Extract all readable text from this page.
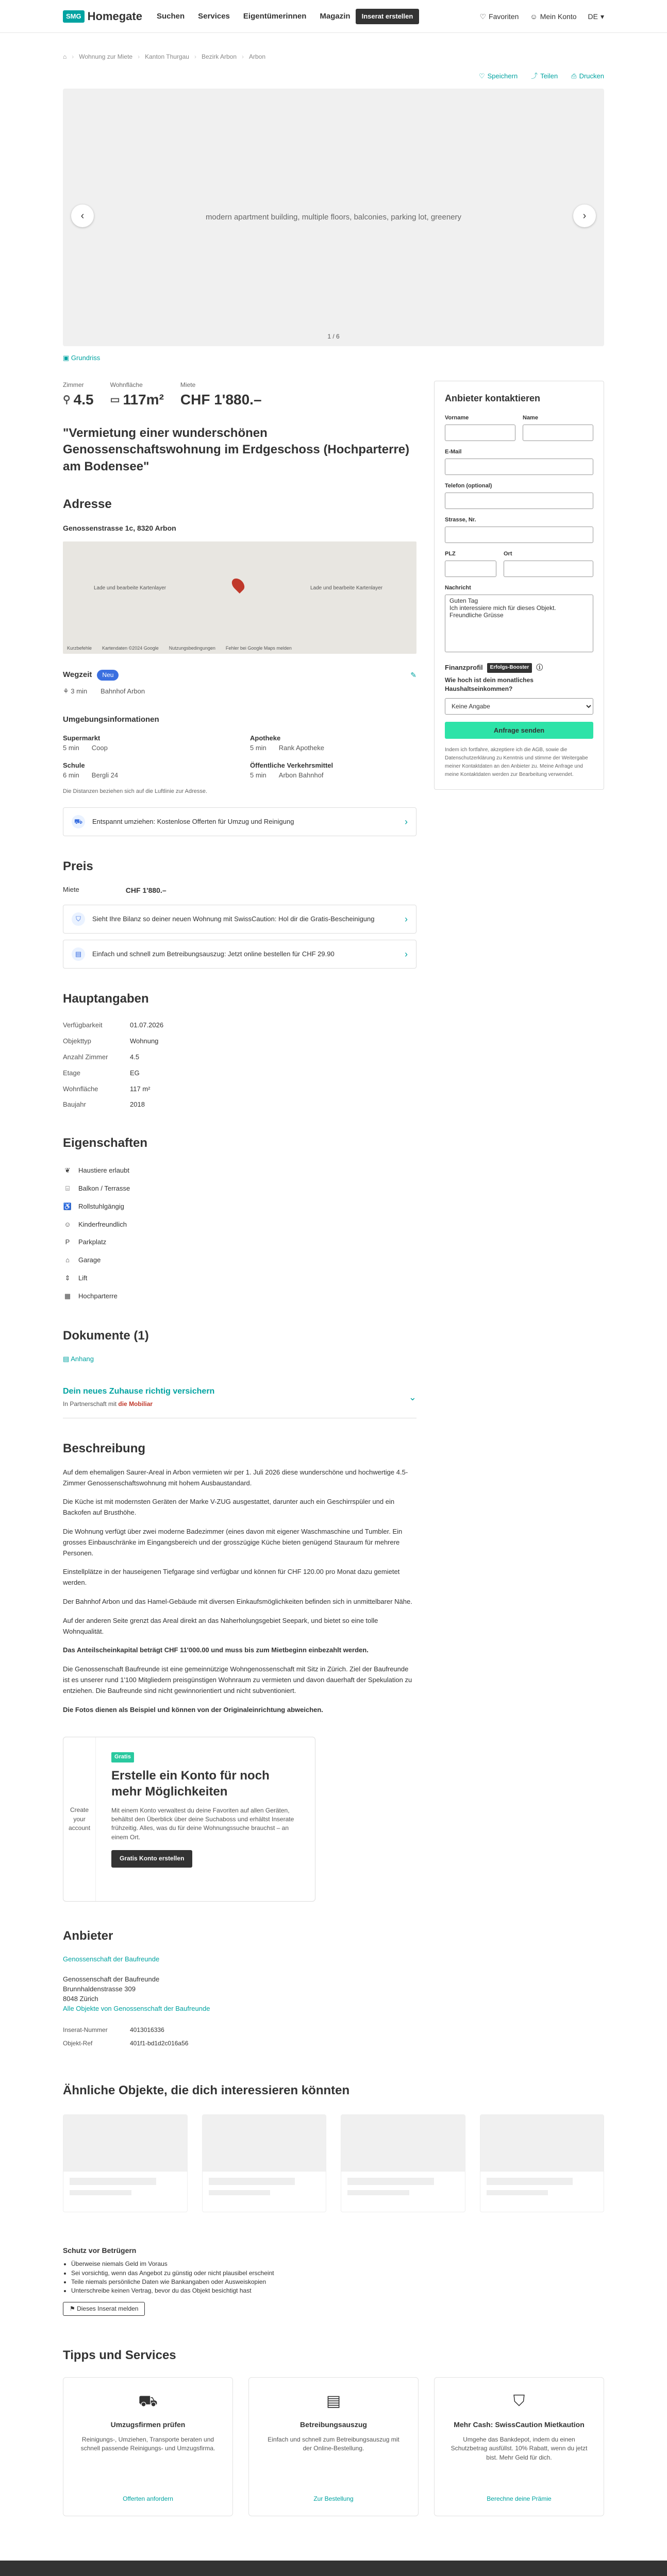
SMG Homegate Suchen Services Eigentümerinnen Magazin	Inserat erstellen	♡ Favoriten ☺ Mein Konto DE ▾
⌂ › Wohnung zur Miete › Kanton Thurgau › Bezirk Arbon › Arbon
♡ Speichern ⤴ Teilen ⎙ Drucken
modern apartment building, multiple floors, balconies, parking lot, greenery
‹	›
1 / 6
▣ Grundriss
Zimmer
⚲ 4.5
Wohnfläche
▭ 117m²
Miete
CHF 1'880.–
"Vermietung einer wunderschönen Genossenschaftswohnung im Erdgeschoss (Hochparterre) am Bodensee"
Adresse
Genossenstrasse 1c, 8320 Arbon
Lade und bearbeite Kartenlayer	Lade und bearbeite Kartenlayer
Kurzbefehle Kartendaten ©2024 Google Nutzungsbedingungen Fehler bei Google Maps melden
Wegzeit	Neu	✎
⚘ 3 min Bahnhof Arbon
Umgebungsinformationen
Supermarkt
5 min Coop
Apotheke
5 min Rank Apotheke
Schule
6 min Bergli 24
Öffentliche Verkehrsmittel
5 min Arbon Bahnhof
Die Distanzen beziehen sich auf die Luftlinie zur Adresse.
⛟	Entspannt umziehen: Kostenlose Offerten für Umzug und Reinigung	›
Preis
Miete	CHF 1'880.–
⛉	Sieht Ihre Bilanz so deiner neuen Wohnung mit SwissCaution: Hol dir die Gratis-Bescheinigung	›
▤	Einfach und schnell zum Betreibungsauszug: Jetzt online bestellen für CHF 29.90	›
Hauptangaben
Verfügbarkeit	01.07.2026
Objekttyp	Wohnung
Anzahl Zimmer	4.5
Etage	EG
Wohnfläche	117 m²
Baujahr	2018
Eigenschaften
❦ Haustiere erlaubt
⌸	Balkon / Terrasse
♿ Rollstuhlgängig
☺ Kinderfreundlich
P	Parkplatz
⌂	Garage
⇕ Lift
▦ Hochparterre
Dokumente (1)
▤ Anhang
Dein neues Zuhause richtig versichern
In Partnerschaft mit die Mobiliar
⌄
Beschreibung

Auf dem ehemaligen Saurer-Areal in Arbon vermieten wir per 1. Juli 2026 diese wunderschöne und hochwertige 4.5-Zimmer Genossenschaftswohnung mit hohem Ausbaustandard.

Die Küche ist mit modernsten Geräten der Marke V-ZUG ausgestattet, darunter auch ein Geschirrspüler und ein Backofen auf Brusthöhe.

Die Wohnung verfügt über zwei moderne Badezimmer (eines davon mit eigener Waschmaschine und Tumbler. Ein grosses Einbauschränke im Eingangsbereich und der grosszügige Küche bieten genügend Stauraum für mehrere Personen.

Einstellplätze in der hauseigenen Tiefgarage sind verfügbar und können für CHF 120.00 pro Monat dazu gemietet werden.

Der Bahnhof Arbon und das Hamel-Gebäude mit diversen Einkaufsmöglichkeiten befinden sich in unmittelbarer Nähe.

Auf der anderen Seite grenzt das Areal direkt an das Naherholungsgebiet Seepark, und bietet so eine tolle Wohnqualität.

Das Anteilscheinkapital beträgt CHF 11'000.00 und muss bis zum Mietbeginn einbezahlt werden.

Die Genossenschaft Baufreunde ist eine gemeinnützige Wohngenossenschaft mit Sitz in Zürich. Ziel der Baufreunde ist es unserer rund 1'100 Mitgliedern preisgünstigen Wohnraum zu vermieten und davon dauerhaft der Spekulation zu entziehen. Die Baufreunde sind nicht gewinnorientiert und nicht subventioniert.

Die Fotos dienen als Beispiel und können von der Originaleinrichtung abweichen.

Create your account
Gratis
Erstelle ein Konto für noch mehr Möglichkeiten
Mit einem Konto verwaltest du deine Favoriten auf allen Geräten, behältst den Überblick über deine Suchaboss und erhältst Inserate frühzeitig. Alles, was du für deine Wohnungssuche brauchst – an einem Ort.
Gratis Konto erstellen
Anbieter
Genossenschaft der Baufreunde
Genossenschaft der Baufreunde
Brunnhaldenstrasse 309
8048 Zürich
Alle Objekte von Genossenschaft der Baufreunde
Inserat-Nummer	4013016336
Objekt-Ref	401f1-bd1d2c016a56
Anbieter kontaktieren
Vorname	Name
E-Mail
Telefon (optional)
Strasse, Nr.
PLZ	Ort
Nachricht
Guten Tag Ich interessiere mich für dieses Objekt. Freundliche Grüsse
Finanzprofil	Erfolgs-Booster	ⓘ
Wie hoch ist dein monatliches Haushaltseinkommen?
Keine Angabe
Anfrage senden
Indem ich fortfahre, akzeptiere ich die AGB, sowie die Datenschutzerklärung zu Kenntnis und stimme der Weitergabe meiner Kontaktdaten an den Anbieter zu. Meine Anfrage und meine Kontaktdaten werden zur Bearbeitung verwendet.
Ähnliche Objekte, die dich interessieren könnten
Schutz vor Betrügern
• Überweise niemals Geld im Voraus
• Sei vorsichtig, wenn das Angebot zu günstig oder nicht plausibel erscheint
• Teile niemals persönliche Daten wie Bankangaben oder Ausweiskopien
• Unterschreibe keinen Vertrag, bevor du das Objekt besichtigt hast
⚑ Dieses Inserat melden
Tipps und Services
⛟
Umzugsfirmen prüfen

Reinigungs-, Umziehen, Transporte beraten und schnell passende Reinigungs- und Umzugsfirma.

Offerten anfordern
▤
Betreibungsauszug

Einfach und schnell zum Betreibungsauszug mit der Online-Bestellung.

Zur Bestellung
⛉
Mehr Cash: SwissCaution Mietkaution

Umgehe das Bankdepot, indem du einen Schutzbetrag ausfüllst. 10% Rabatt, wenn du jetzt bist. Mehr Geld für dich.

Berechne deine Prämie
